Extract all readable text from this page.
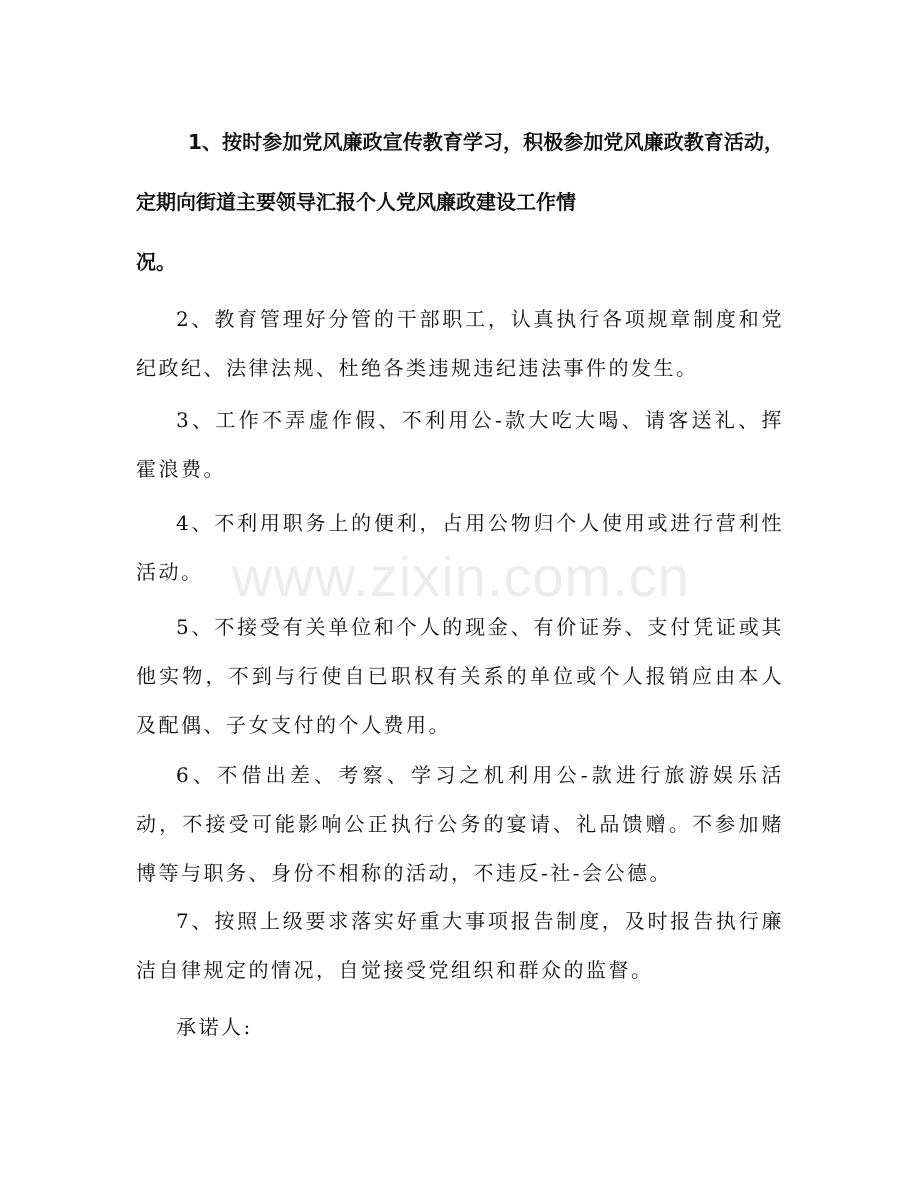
1、按时参加党风廉政宣传教育学习，积极参加党风廉政教育活动，定期向街道主要领导汇报个人党风廉政建设工作情
况。

2、教育管理好分管的干部职工，认真执行各项规章制度和党纪政纪、法律法规、杜绝各类违规违纪违法事件的发生。

3、工作不弄虚作假、不利用公-款大吃大喝、请客送礼、挥霍浪费。

4、不利用职务上的便利，占用公物归个人使用或进行营利性活动。

5、不接受有关单位和个人的现金、有价证券、支付凭证或其他实物，不到与行使自已职权有关系的单位或个人报销应由本人及配偶、子女支付的个人费用。

6、不借出差、考察、学习之机利用公-款进行旅游娱乐活动，不接受可能影响公正执行公务的宴请、礼品馈赠。不参加赌博等与职务、身份不相称的活动，不违反-社-会公德。

7、按照上级要求落实好重大事项报告制度，及时报告执行廉洁自律规定的情况，自觉接受党组织和群众的监督。

承诺人:

www.zixin.com.cn
